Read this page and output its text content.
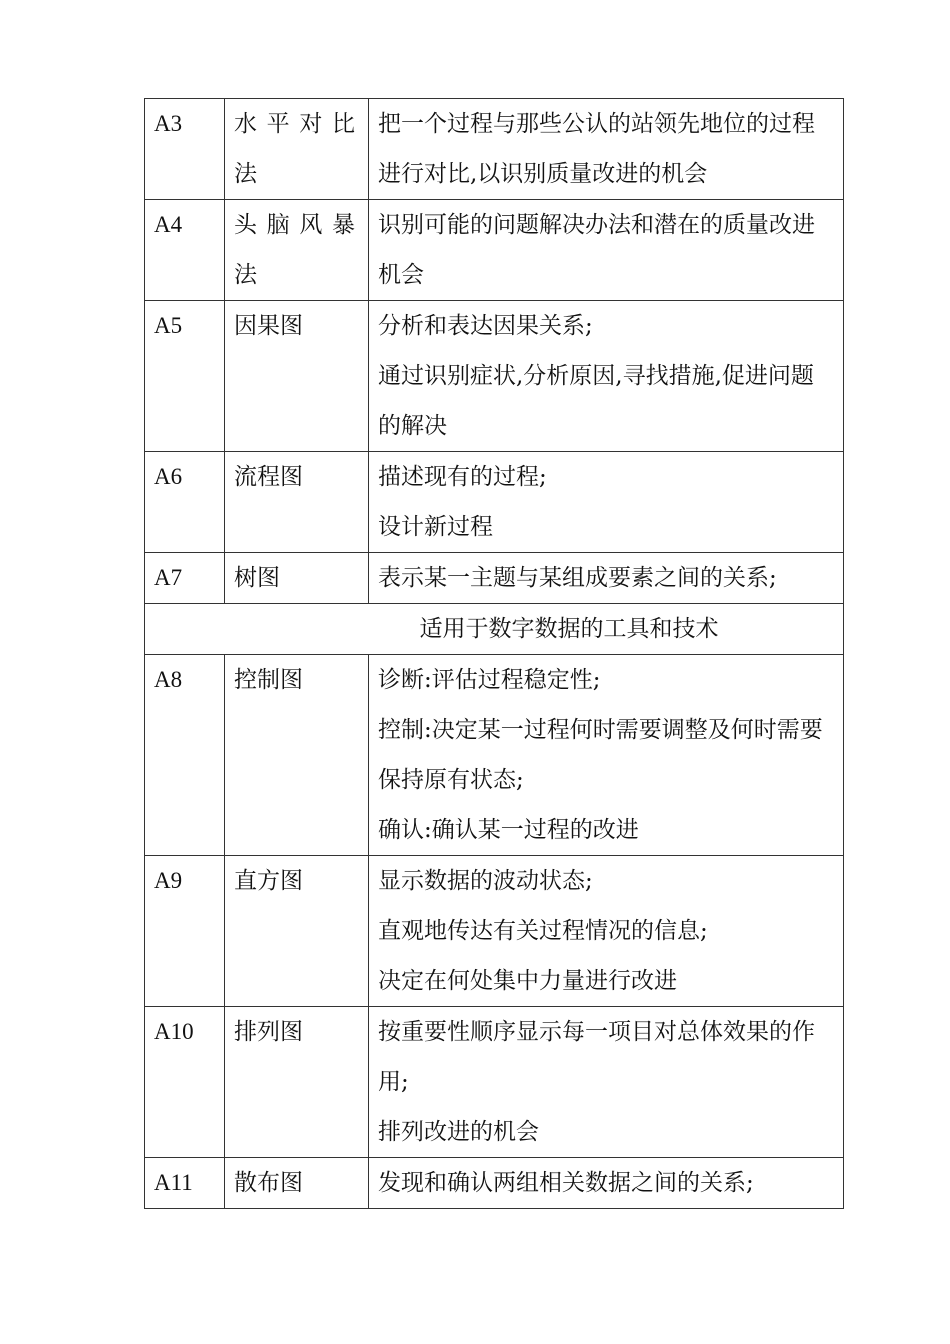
A3	水平对比法	把一个过程与那些公认的站领先地位的过程进行对比,以识别质量改进的机会

A4	头脑风暴法	识别可能的问题解决办法和潜在的质量改进机会

A5	因果图	分析和表达因果关系;
通过识别症状,分析原因,寻找措施,促进问题的解决

A6	流程图	描述现有的过程;
设计新过程

A7	树图	表示某一主题与某组成要素之间的关系;

适用于数字数据的工具和技术		
A8	控制图	诊断:评估过程稳定性;
控制:决定某一过程何时需要调整及何时需要保持原有状态;
确认:确认某一过程的改进

A9	直方图	显示数据的波动状态;
直观地传达有关过程情况的信息;
决定在何处集中力量进行改进

A10	排列图	按重要性顺序显示每一项目对总体效果的作用;
排列改进的机会

A11	散布图	发现和确认两组相关数据之间的关系;
